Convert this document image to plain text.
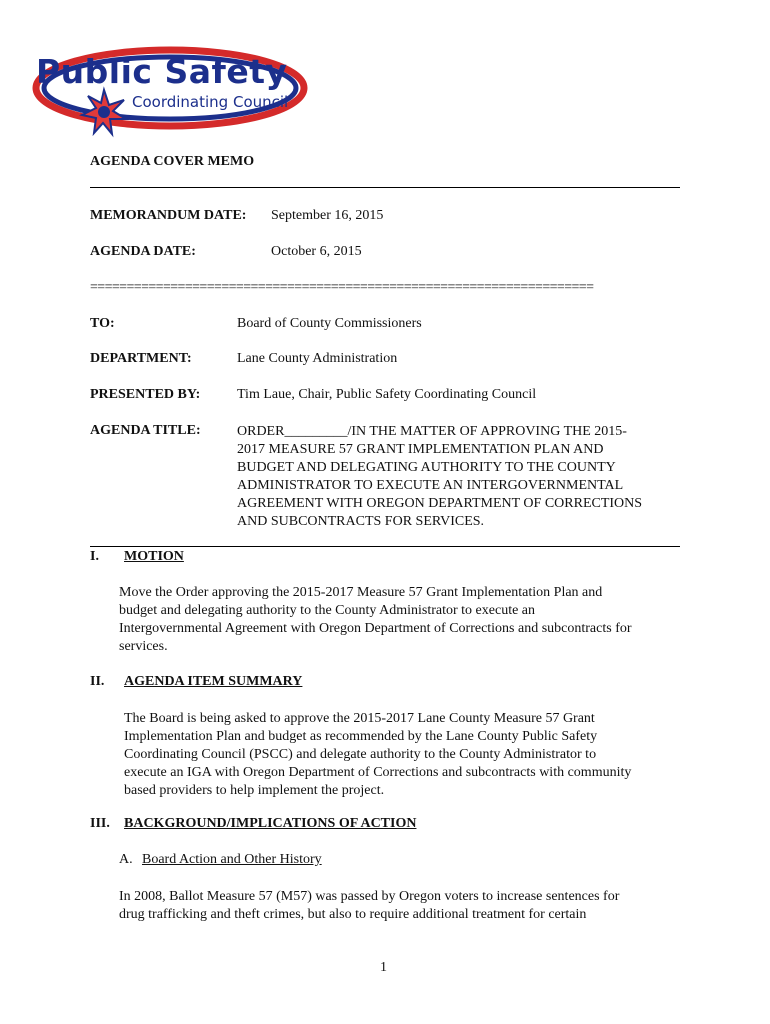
Public Safety
Coordinating Council
AGENDA COVER MEMO
MEMORANDUM DATE: September 16, 2015
AGENDA DATE:	October 6, 2015
=====================================================================
TO:	Board of County Commissioners
DEPARTMENT:	Lane County Administration
PRESENTED BY:	Tim Laue, Chair, Public Safety Coordinating Council
AGENDA TITLE:	ORDER_________/IN THE MATTER OF APPROVING THE 2015-
2017 MEASURE 57 GRANT IMPLEMENTATION PLAN AND
BUDGET AND DELEGATING AUTHORITY TO THE COUNTY
ADMINISTRATOR TO EXECUTE AN INTERGOVERNMENTAL
AGREEMENT WITH OREGON DEPARTMENT OF CORRECTIONS
AND SUBCONTRACTS FOR SERVICES.
I. MOTION
Move the Order approving the 2015-2017 Measure 57 Grant Implementation Plan and
budget and delegating authority to the County Administrator to execute an
Intergovernmental Agreement with Oregon Department of Corrections and subcontracts for
services.
II. AGENDA ITEM SUMMARY
The Board is being asked to approve the 2015-2017 Lane County Measure 57 Grant
Implementation Plan and budget as recommended by the Lane County Public Safety
Coordinating Council (PSCC) and delegate authority to the County Administrator to
execute an IGA with Oregon Department of Corrections and subcontracts with community
based providers to help implement the project.
III. BACKGROUND/IMPLICATIONS OF ACTION
A. Board Action and Other History
In 2008, Ballot Measure 57 (M57) was passed by Oregon voters to increase sentences for
drug trafficking and theft crimes, but also to require additional treatment for certain
1
